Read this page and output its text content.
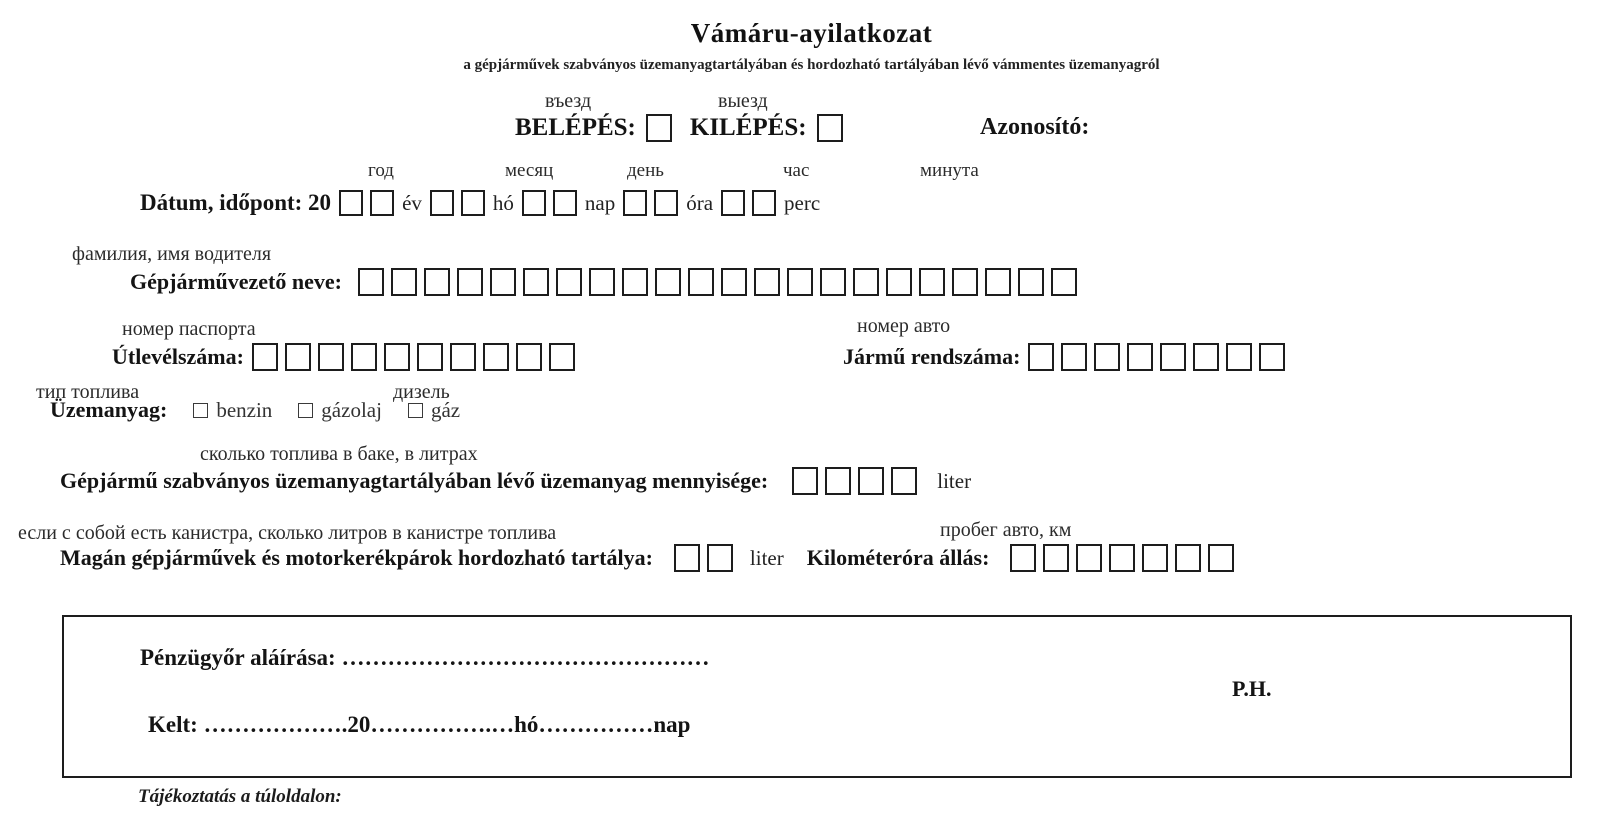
Vámáru-ayilatkozat
a gépjárművek szabványos üzemanyagtartályában és hordozható tartályában lévő vámmentes üzemanyagról
въезд	выезд
BELÉPÉS: KILÉPÉS:	Azonosító:
год	месяц	день	час	минута
Dátum, időpont: 20	év	hó	nap	óra	perc
фамилия, имя водителя
Gépjárművezető neve:
номер паспорта	номер авто
Útlevélszáma:	Jármű rendszáma:
тип топлива	дизель
Üzemanyag: benzin gázolaj gáz
сколько топлива в баке, в литрах
Gépjármű szabványos üzemanyagtartályában lévő üzemanyag mennyisége:	liter
если с собой есть канистра, сколько литров в канистре топлива	пробег авто, км
Magán gépjárművek és motorkerékpárok hordozható tartálya:	liter Kilométeróra állás:
Pénzügyőr aláírása: …………………………………………
Kelt: ……………….20…………….…hó……………nap
P.H.
Tájékoztatás a túloldalon:
